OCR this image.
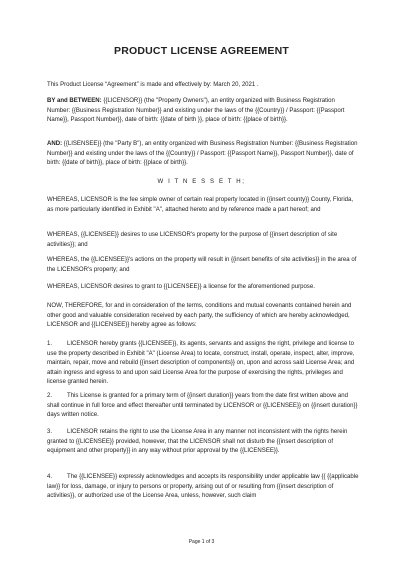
PRODUCT LICENSE AGREEMENT

This Product License “Agreement” is made and effectively by: March 20, 2021 .

BY and BETWEEN: {{LICENSOR}} (the "Property Owners"), an entity organized with Business Registration Number: {{Business Registration Number}} and existing under the laws of the {{Country}} / Passport: {{Passport Name}}, Passport Number}}, date of birth: {{date of birth }}, place of birth: {{place of birth}}.

AND: {{LISENSEE}} (the "Party B"), an entity organized with Business Registration Number: {{Business Registration Number}} and existing under the laws of the {{Country}} / Passport: {{Passport Name}}, Passport Number}}, date of birth: {{date of birth}}, place of birth: {{place of birth}}.

W I T N E S S E T H;

WHEREAS, LICENSOR is the fee simple owner of certain real property located in {{insert county}} County, Florida, as more particularly identified in Exhibit "A", attached hereto and by reference made a part hereof; and

WHEREAS, {{LICENSEE}} desires to use LICENSOR's property for the purpose of {{insert description of site activities}}; and

WHEREAS, the {{LICENSEE}}'s actions on the property will result in {{insert benefits of site activities}} in the area of the LICENSOR's property; and

WHEREAS, LICENSOR desires to grant to {{LICENSEE}} a license for the aforementioned purpose.

NOW, THEREFORE, for and in consideration of the terms, conditions and mutual covenants contained herein and other good and valuable consideration received by each party, the sufficiency of which are hereby acknowledged, LICENSOR and {{LICENSEE}} hereby agree as follows:

1.	LICENSOR hereby grants {{LICENSEE}}, its agents, servants and assigns the right, privilege and license to use the property described in Exhibit "A" (License Area) to locate, construct, install, operate, inspect, alter, improve, maintain, repair, move and rebuild {{insert description of components}} on, upon and across said License Area; and attain ingress and egress to and upon said License Area for the purpose of exercising the rights, privileges and license granted herein.
2.	This License is granted for a primary term of {{insert duration}} years from the date first written above and shall continue in full force and effect thereafter until terminated by LICENSOR or {{LICENSEE}} on {{insert duration}} days written notice.
3.	LICENSOR retains the right to use the License Area in any manner not inconsistent with the rights herein granted to {{LICENSEE}} provided, however, that the LICENSOR shall not disturb the {{insert description of equipment and other property}} in any way without prior approval by the {{LICENSEE}}.
4.	The {{LICENSEE}} expressly acknowledges and accepts its responsibility under applicable law {{ {{applicable law}} for loss, damage, or injury to persons or property, arising out of or resulting from {{insert description of activities}}, or authorized use of the License Area, unless, however, such claim
Page 1 of 3
